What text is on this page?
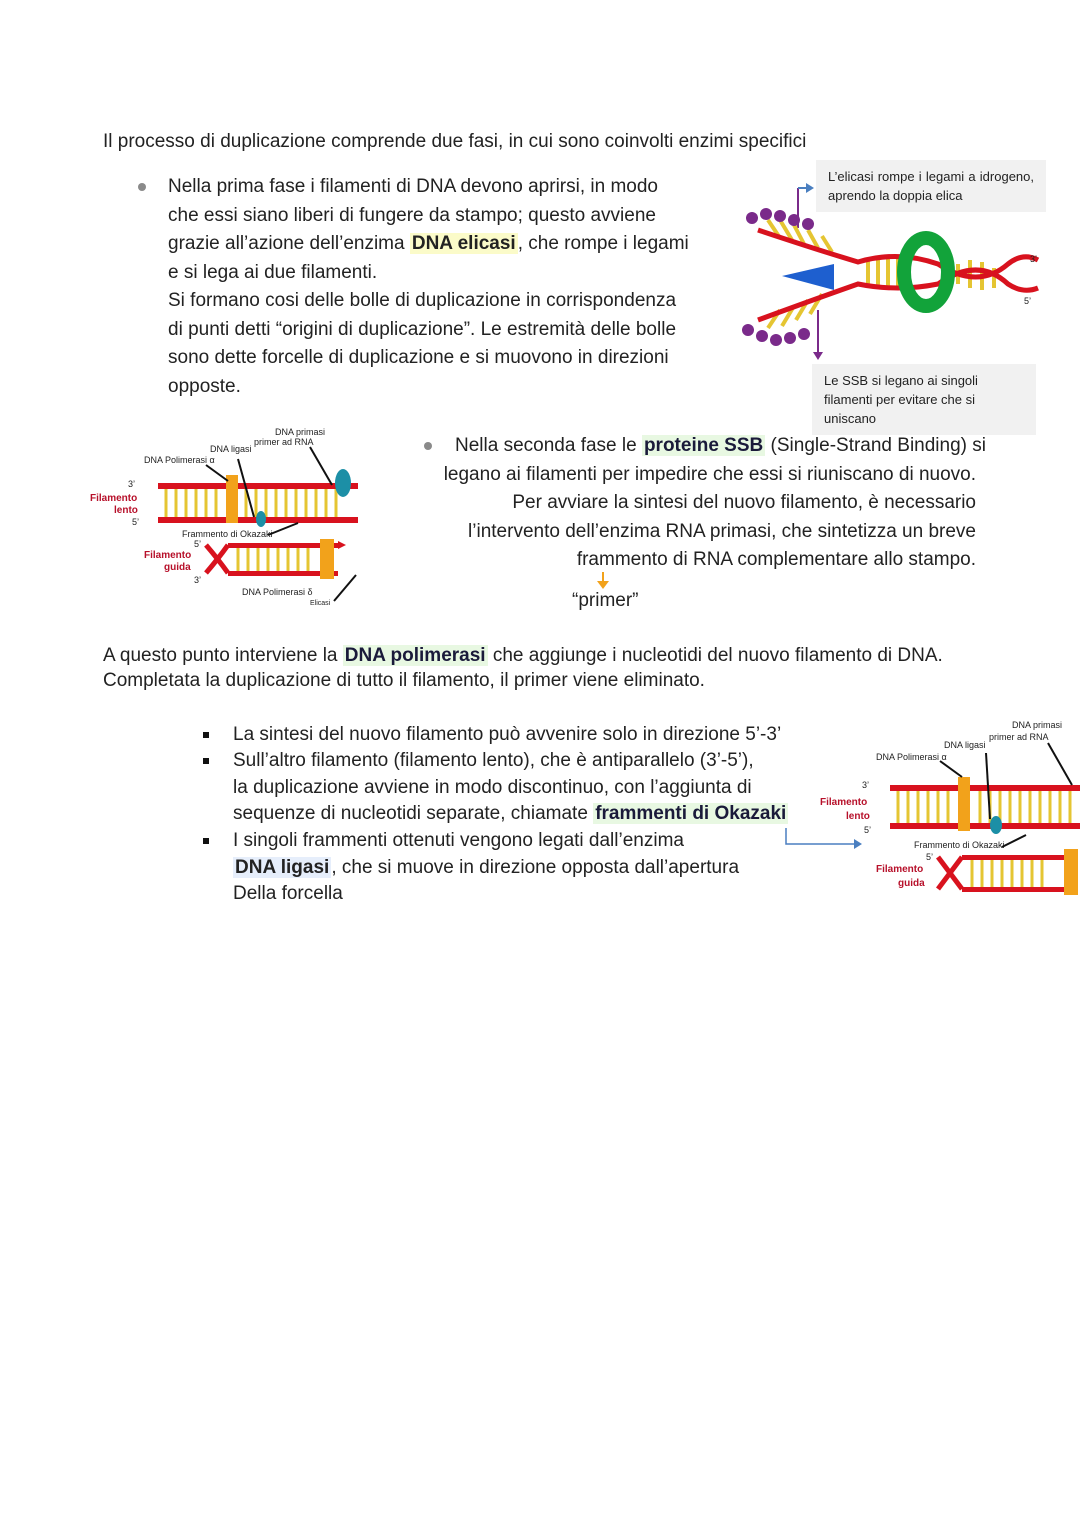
Il processo di duplicazione comprende due fasi, in cui sono coinvolti enzimi specifici

Nella prima fase i filamenti di DNA devono aprirsi, in modo

che essi siano liberi di fungere da stampo; questo avviene

grazie all’azione dell’enzima DNA elicasi , che rompe i legami

e si lega ai due filamenti.

Si formano cosi delle bolle di duplicazione in corrispondenza

di punti detti “origini di duplicazione”. Le estremità delle bolle

sono dette forcelle di duplicazione e si muovono in direzioni

opposte.

L’elicasi rompe i legami a idrogeno, aprendo la doppia elica
Le SSB si legano ai singoli filamenti per evitare che si uniscano
3’
5’
DNA primasi
primer ad RNA
DNA ligasi
DNA Polimerasi α
3’
Filamento
lento
5’
Frammento di Okazaki
5’
Filamento
guida
3’
DNA Polimerasi δ
Elicasi

Nella seconda fase le proteine SSB (Single-Strand Binding) si

legano ai filamenti per impedire che essi si riuniscano di nuovo.

Per avviare la sintesi del nuovo filamento, è necessario

l’intervento dell’enzima RNA primasi, che sintetizza un breve

frammento di RNA complementare allo stampo.

“primer”

A questo punto interviene la DNA polimerasi che aggiunge i nucleotidi del nuovo filamento di DNA.

Completata la duplicazione di tutto il filamento, il primer viene eliminato.

La sintesi del nuovo filamento può avvenire solo in direzione 5’-3’

Sull’altro filamento (filamento lento), che è antiparallelo (3’-5’),

la duplicazione avviene in modo discontinuo, con l’aggiunta di

sequenze di nucleotidi separate, chiamate frammenti di Okazaki

I singoli frammenti ottenuti vengono legati dall’enzima

DNA ligasi , che si muove in direzione opposta dall’apertura

Della forcella

DNA primasi
primer ad RNA
DNA ligasi
DNA Polimerasi α
3’
Filamento
lento
5’
Frammento di Okazaki
5’
Filamento
guida
